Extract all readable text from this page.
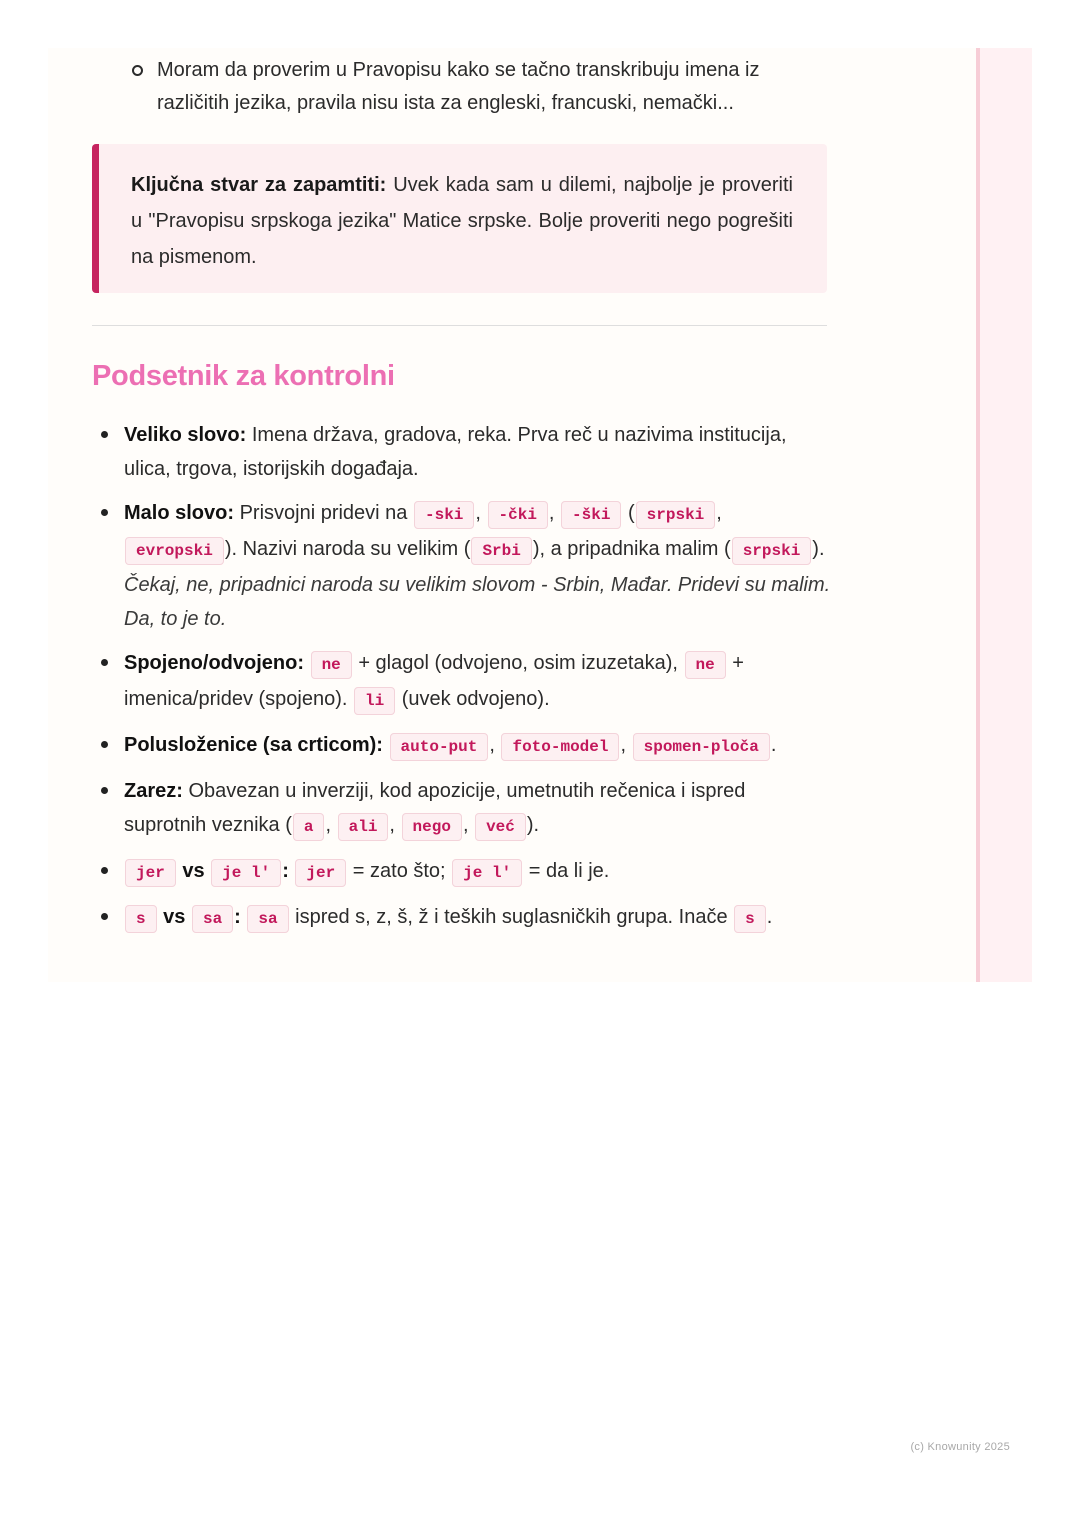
Moram da proverim u Pravopisu kako se tačno transkribuju imena iz različitih jezika, pravila nisu ista za engleski, francuski, nemački...
Ključna stvar za zapamtiti: Uvek kada sam u dilemi, najbolje je proveriti u "Pravopisu srpskoga jezika" Matice srpske. Bolje proveriti nego pogrešiti na pismenom.
Podsetnik za kontrolni
Veliko slovo: Imena država, gradova, reka. Prva reč u nazivima institucija, ulica, trgova, istorijskih događaja.
Malo slovo: Prisvojni pridevi na -ski , -čki , -ški ( srpski , evropski ). Nazivi naroda su velikim ( Srbi ), a pripadnika malim ( srpski ). Čekaj, ne, pripadnici naroda su velikim slovom - Srbin, Mađar. Pridevi su malim. Da, to je to.
Spojeno/odvojeno: ne + glagol (odvojeno, osim izuzetaka), ne + imenica/pridev (spojeno). li (uvek odvojeno).
Polusloženice (sa crticom): auto-put , foto-model , spomen-ploča .
Zarez: Obavezan u inverziji, kod apozicije, umetnutih rečenica i ispred suprotnih veznika ( a , ali , nego , već ).
jer vs je l' : jer = zato što; je l' = da li je.
s vs sa : sa ispred s, z, š, ž i teških suglasničkih grupa. Inače s .
(c) Knowunity 2025
